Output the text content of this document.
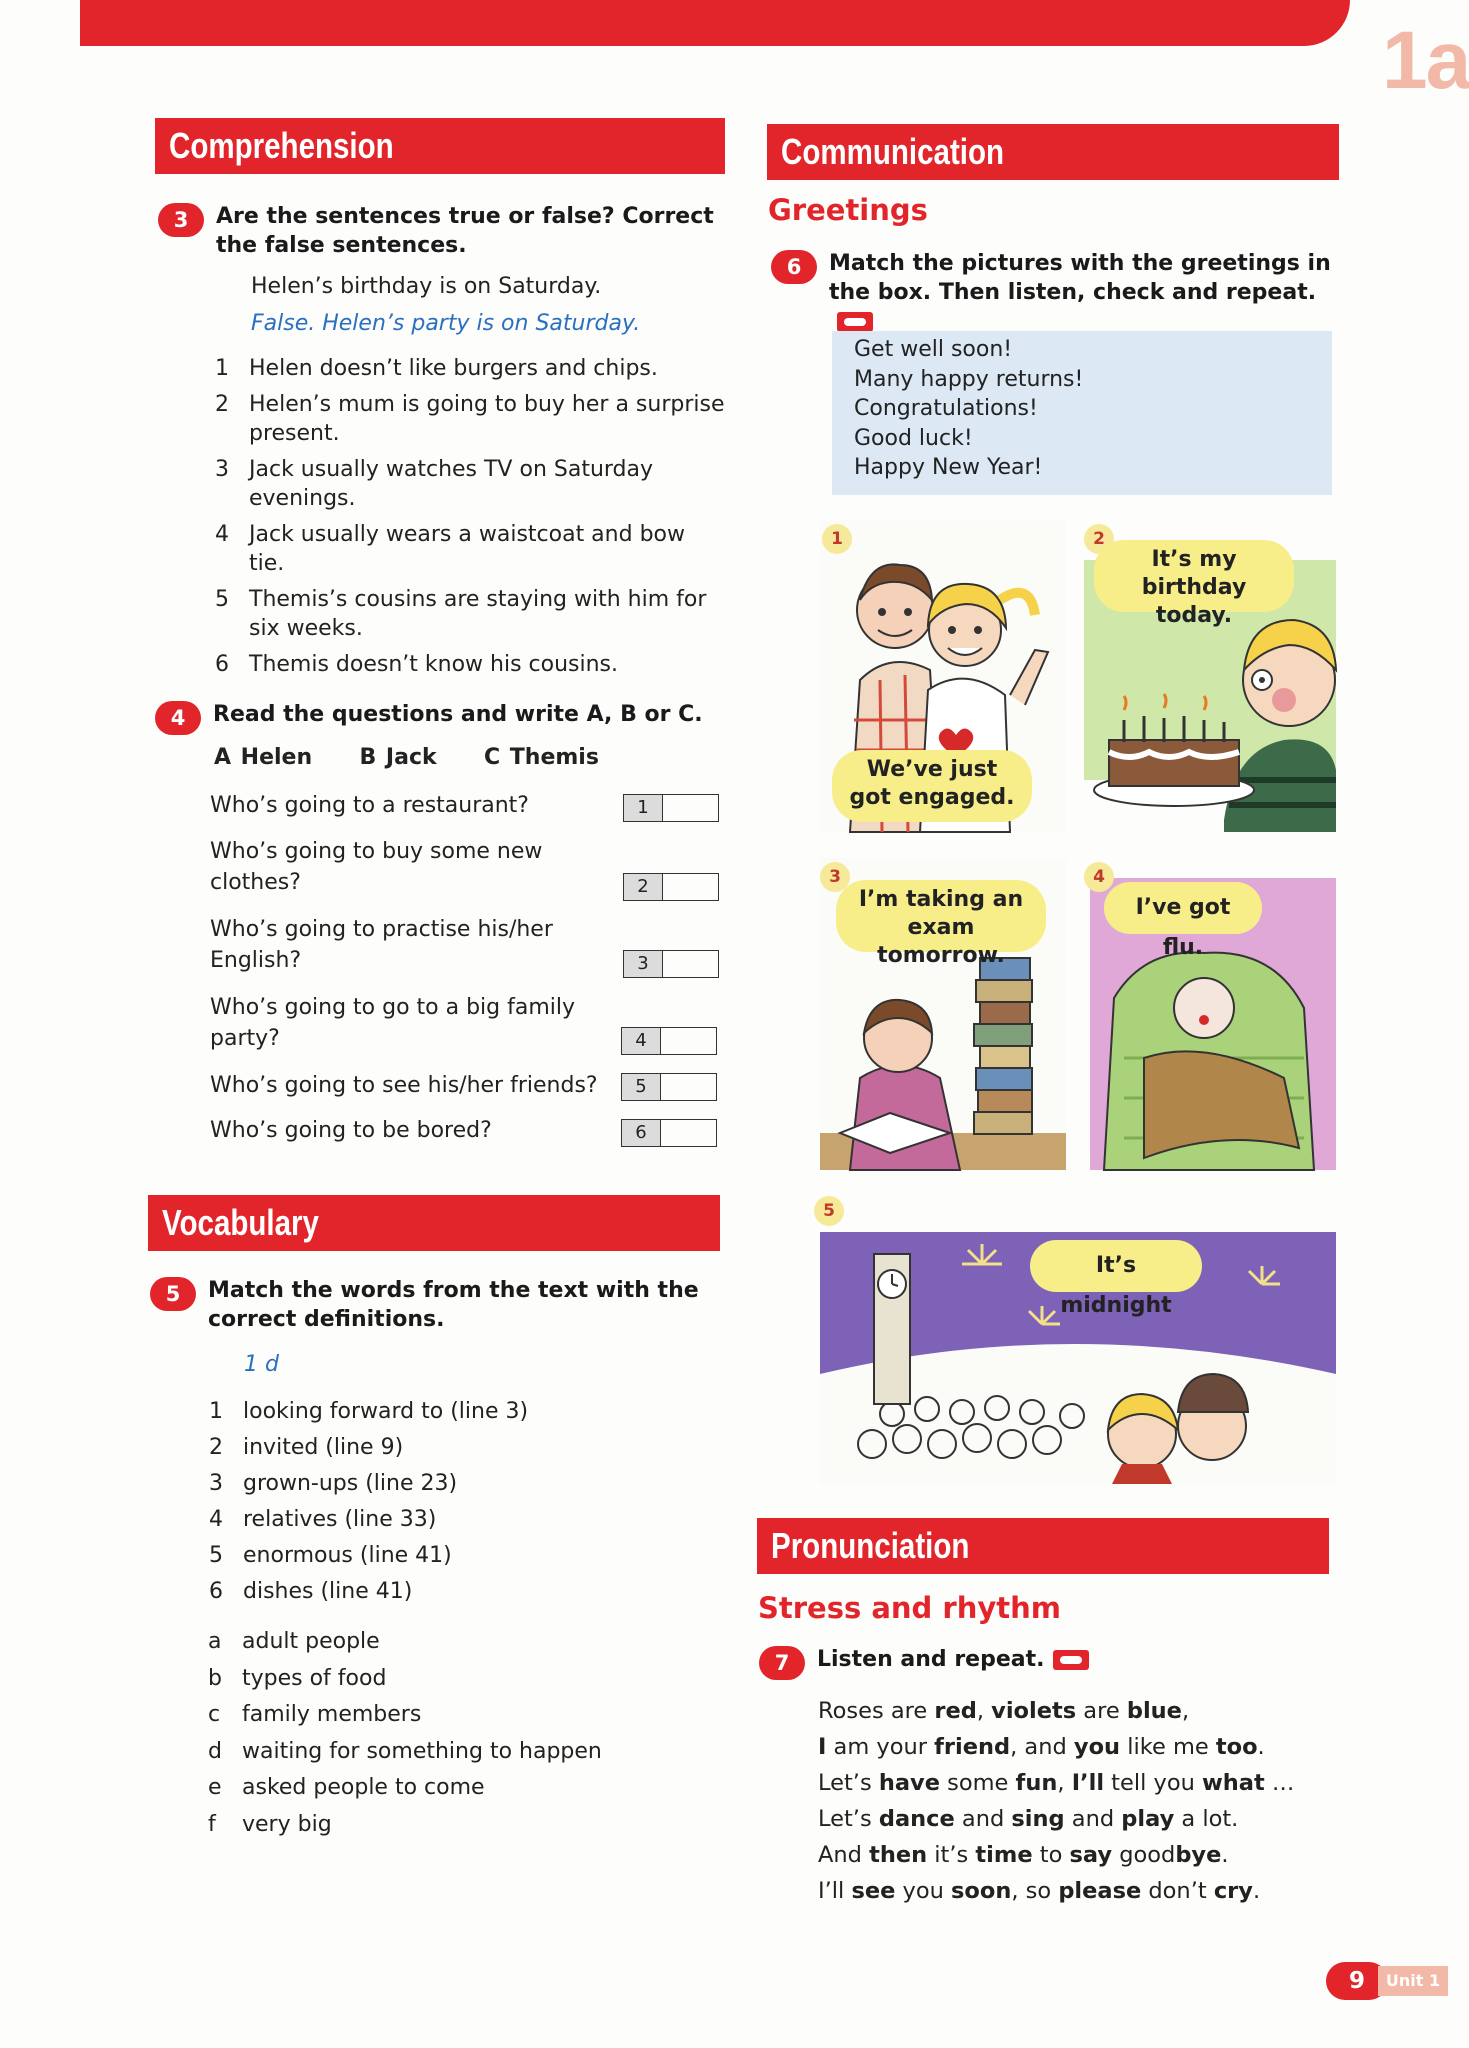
1a
Comprehension
3	Are the sentences true or false? Correct the false sentences.
Helen’s birthday is on Saturday.
False. Helen’s party is on Saturday.
1 Helen doesn’t like burgers and chips.
2 Helen’s mum is going to buy her a surprise present.
3 Jack usually watches TV on Saturday evenings.
4 Jack usually wears a waistcoat and bow tie.
5 Themis’s cousins are staying with him for six weeks.
6 Themis doesn’t know his cousins.
4	Read the questions and write A, B or C.
A Helen B Jack C Themis
Who’s going to a restaurant?	1
Who’s going to buy some new clothes?	2
Who’s going to practise his/her English?	3
Who’s going to go to a big family party?	4
Who’s going to see his/her friends?	5
Who’s going to be bored?	6
Vocabulary
5	Match the words from the text with the correct definitions.
1 d
1 looking forward to (line 3)
2 invited (line 9)
3 grown-ups (line 23)
4 relatives (line 33)
5 enormous (line 41)
6 dishes (line 41)
a adult people
b types of food
c family members
d waiting for something to happen
e asked people to come
f	very big
Communication
Greetings
6	Match the pictures with the greetings in the box. Then listen, check and repeat.
Get well soon!
Many happy returns!
Congratulations!
Good luck!
Happy New Year!
1
We’ve just got engaged.
2
It’s my birthday today.
3
I’m taking an exam tomorrow.
4
I’ve got flu.
5
It’s midnight
Pronunciation
Stress and rhythm
7	Listen and repeat.
Roses are red, violets are blue,
I am your friend, and you like me too.
Let’s have some fun, I’ll tell you what …
Let’s dance and sing and play a lot.
And then it’s time to say goodbye.
I’ll see you soon, so please don’t cry.
9	Unit 1
